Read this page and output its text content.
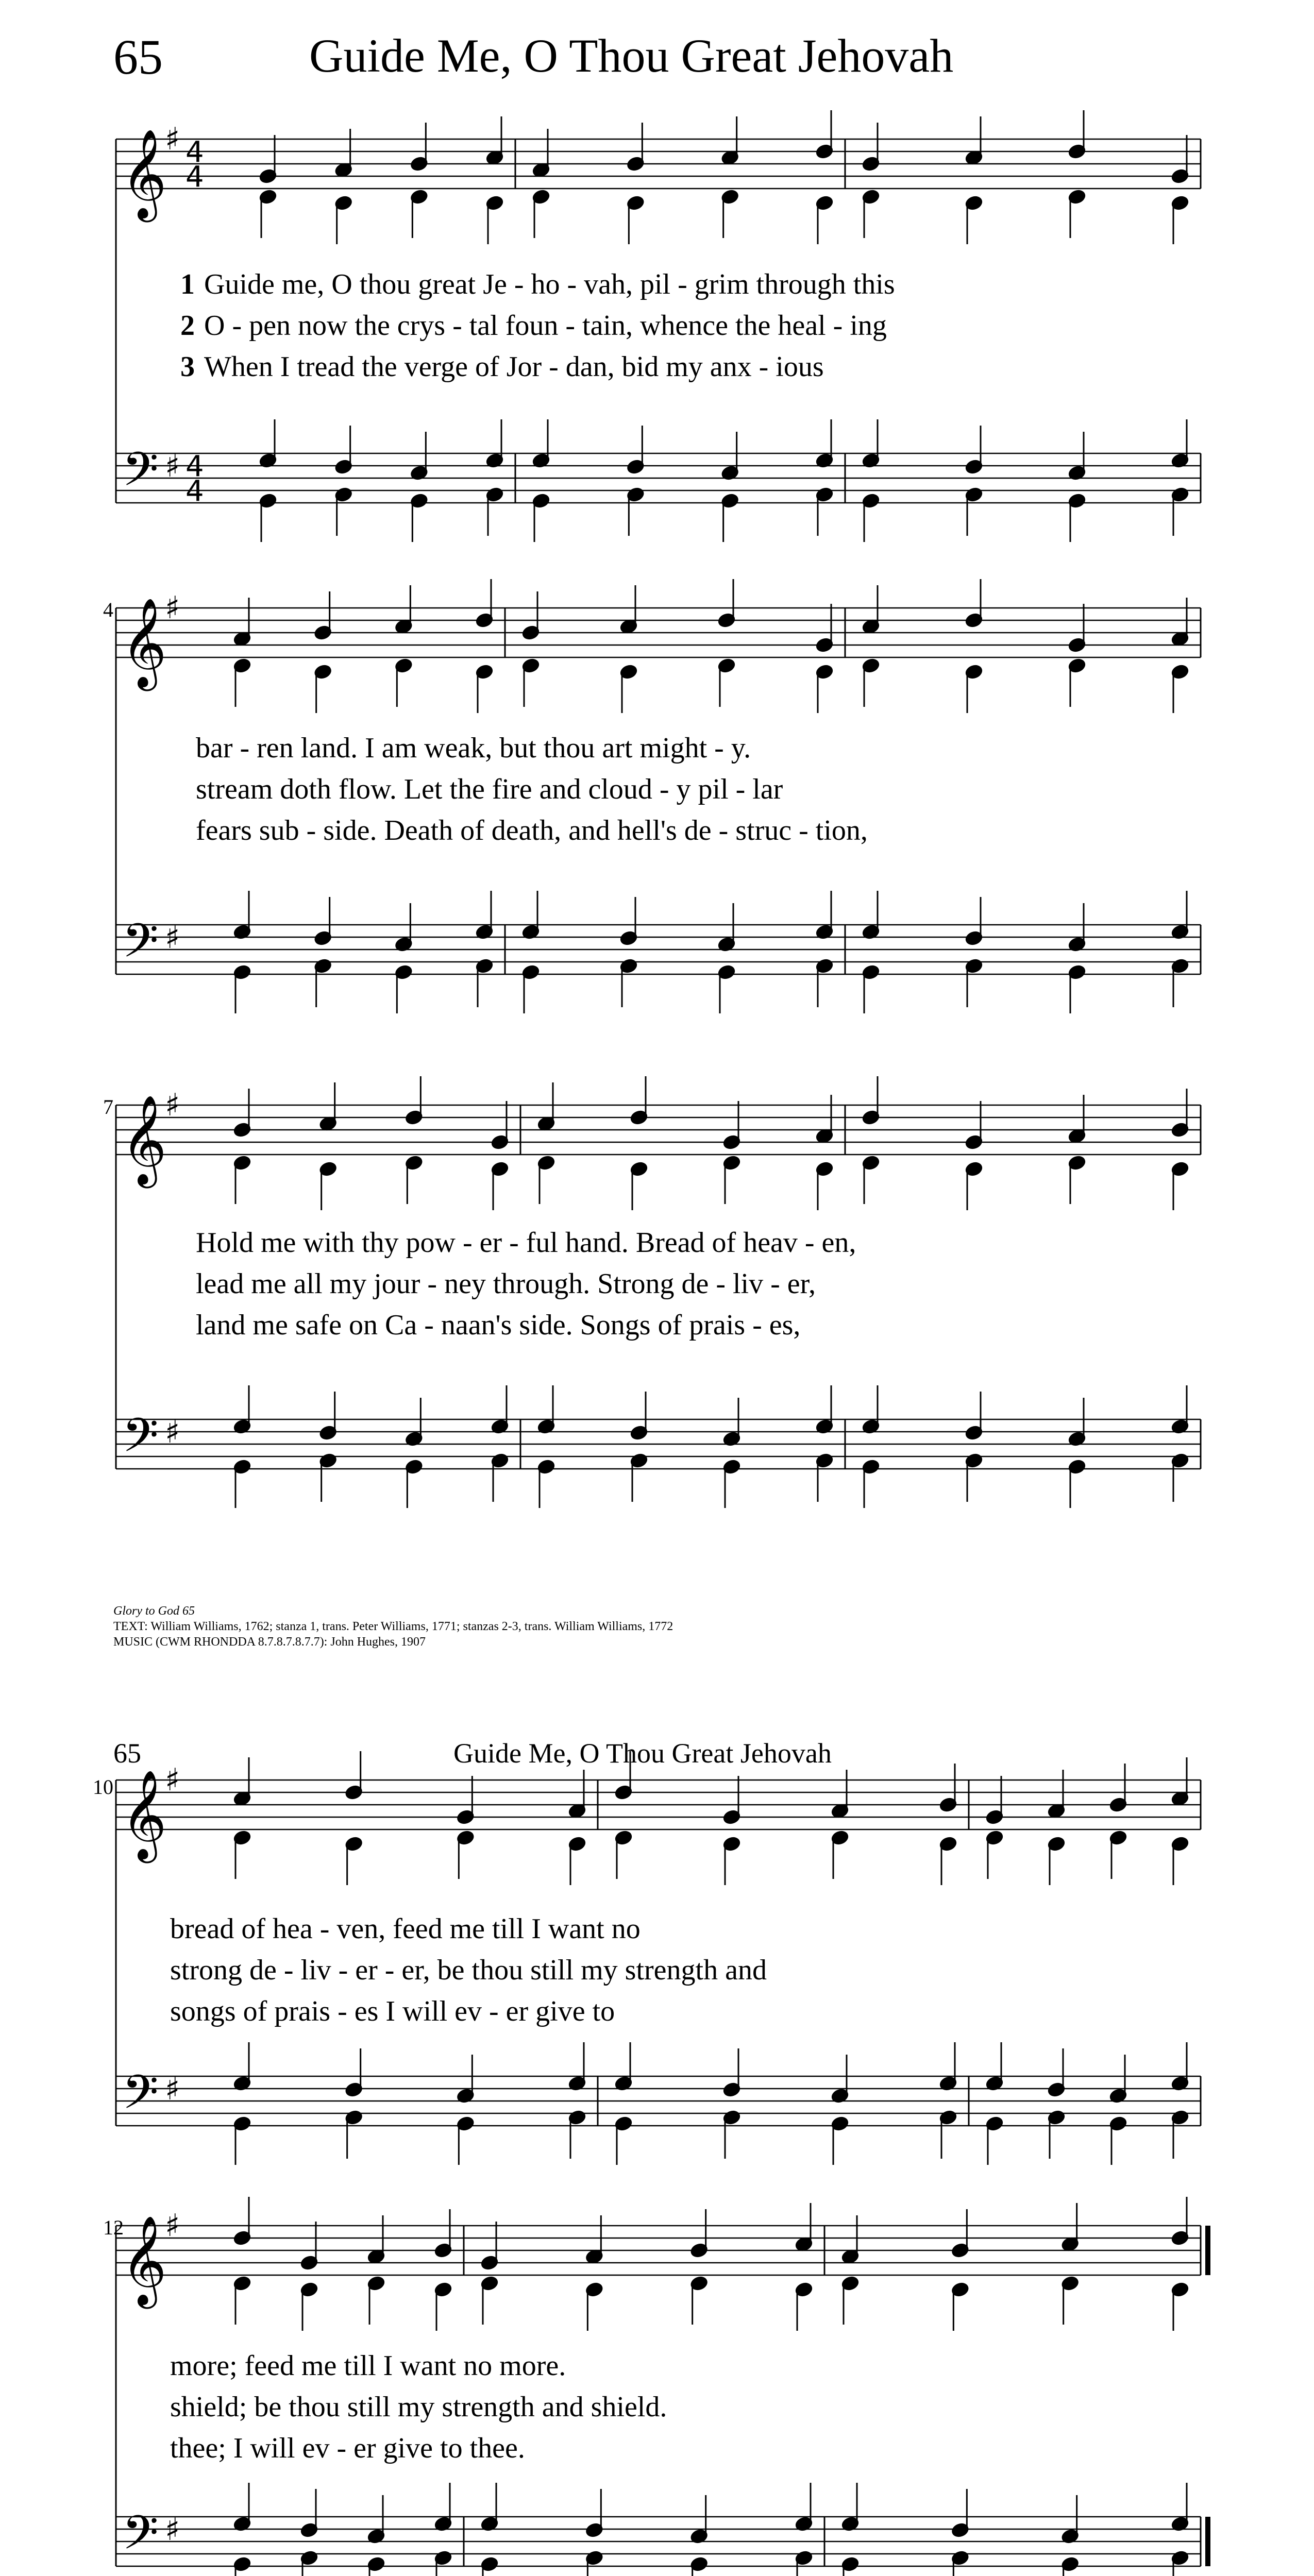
65	Guide Me, O Thou Great Jehovah
𝄞
𝄢
♯
♯
4
4
4
4
𝄞
𝄢
♯
♯
𝄞
𝄢
♯
♯
𝄞
𝄢
♯
♯
𝄞
𝄢
♯
♯
1 Guide me, O thou great Je - ho - vah, pil - grim through this
2 O - pen now the crys - tal foun - tain, whence the heal - ing
3 When I tread the verge of Jor - dan, bid my anx - ious
4
bar - ren land. I am weak, but thou art might - y.
stream doth flow. Let the fire and cloud - y pil - lar
fears sub - side. Death of death, and hell's de - struc - tion,
7
Hold me with thy pow - er - ful hand. Bread of heav - en,
lead me all my jour - ney through. Strong de - liv - er,
land me safe on Ca - naan's side. Songs of prais - es,
Glory to God 65
TEXT: William Williams, 1762; stanza 1, trans. Peter Williams, 1771; stanzas 2-3, trans. William Williams, 1772
MUSIC (CWM RHONDDA 8.7.8.7.8.7.7): John Hughes, 1907
65	Guide Me, O Thou Great Jehovah
10
bread of hea - ven, feed me till I want no
strong de - liv - er - er, be thou still my strength and
songs of prais - es I will ev - er give to
12
more; feed me till I want no more.
shield; be thou still my strength and shield.
thee; I will ev - er give to thee.
